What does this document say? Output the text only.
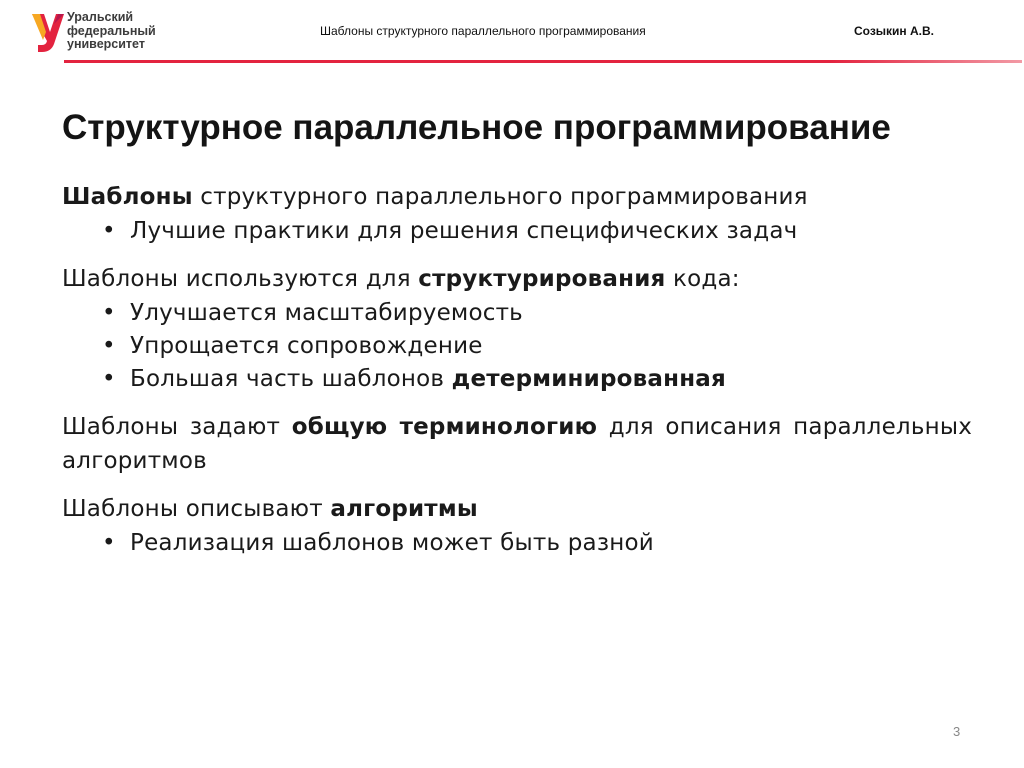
Уральский
федеральный
университет
Шаблоны структурного параллельного программирования	Созыкин А.В.
Структурное параллельное программирование

Шаблоны структурного параллельного программирования

• Лучшие практики для решения специфических задач

Шаблоны используются для структурирования кода:

• Улучшается масштабируемость
• Упрощается сопровождение
• Большая часть шаблонов детерминированная

Шаблоны задают общую терминологию для описания параллельных алгоритмов

Шаблоны описывают алгоритмы

• Реализация шаблонов может быть разной
3
